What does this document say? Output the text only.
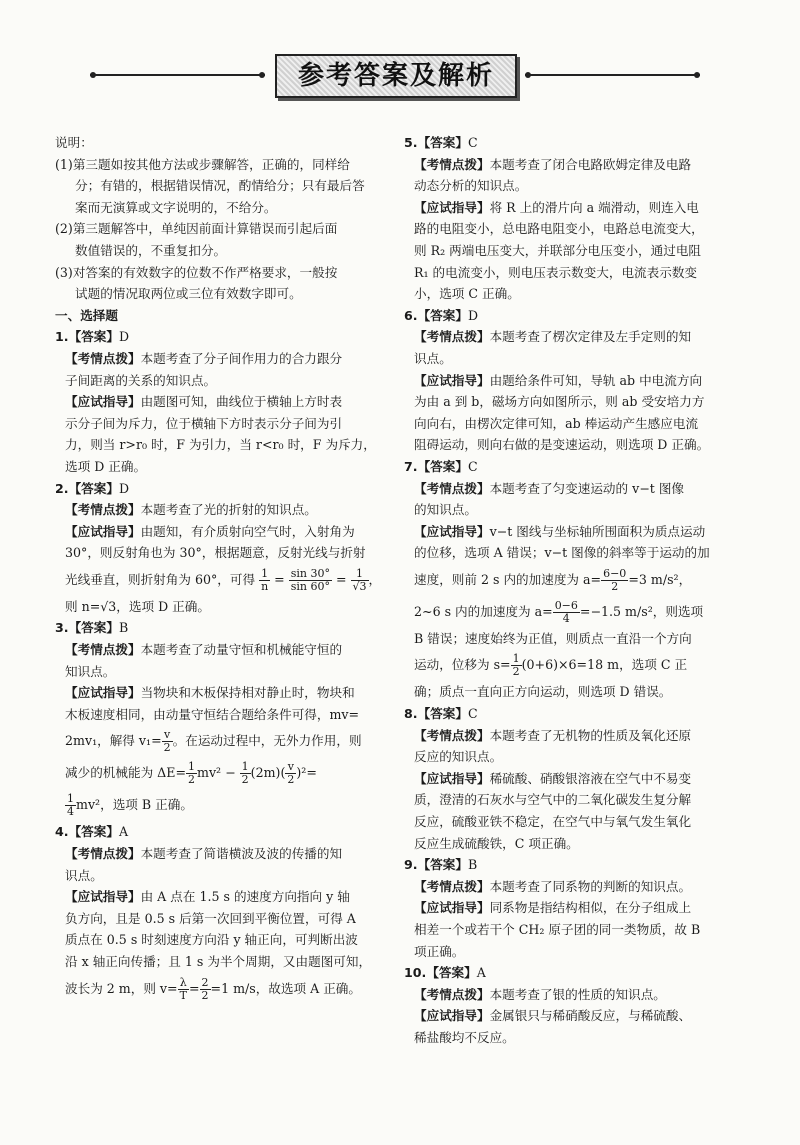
参考答案及解析
说明：
(1)第三题如按其他方法或步骤解答，正确的，同样给
分；有错的，根据错误情况，酌情给分；只有最后答
案而无演算或文字说明的，不给分。
(2)第三题解答中，单纯因前面计算错误而引起后面
数值错误的，不重复扣分。
(3)对答案的有效数字的位数不作严格要求，一般按
试题的情况取两位或三位有效数字即可。
一、选择题
1.【答案】D
【考情点拨】本题考查了分子间作用力的合力跟分
子间距离的关系的知识点。
【应试指导】由题图可知，曲线位于横轴上方时表
示分子间为斥力，位于横轴下方时表示分子间为引
力，则当 r>r₀ 时，F 为引力，当 r<r₀ 时，F 为斥力，
选项 D 正确。
2.【答案】D
【考情点拨】本题考查了光的折射的知识点。
【应试指导】由题知，有介质射向空气时，入射角为
30°，则反射角也为 30°，根据题意，反射光线与折射
光线垂直，则折射角为 60°，可得 $\frac{1}{n} = \frac{\sin 30^\circ}{\sin 60^\circ} = \frac{1}{√3}$ ，
则 n=√3，选项 D 正确。
3.【答案】B
【考情点拨】本题考查了动量守恒和机械能守恒的
知识点。
【应试指导】当物块和木板保持相对静止时，物块和
木板速度相同，由动量守恒结合题给条件可得，mv=
2mv₁，解得 $v_1= \frac{v}{2}$ 。在运动过程中，无外力作用，则
减少的机械能为 $\Delta E= \frac{1}{2} mv^2 - \frac{1}{2} (2m)( \frac{v}{2} )^2=$
$\frac{1}{4} mv^2$，选项 B 正确。
4.【答案】A
【考情点拨】本题考查了简谐横波及波的传播的知
识点。
【应试指导】由 A 点在 1.5 s 的速度方向指向 y 轴
负方向，且是 0.5 s 后第一次回到平衡位置，可得 A
质点在 0.5 s 时刻速度方向沿 y 轴正向，可判断出波
沿 x 轴正向传播；且 1 s 为半个周期，又由题图可知，
波长为 2 m，则 $v= \frac{\lambda}{T} = \frac{2}{2} =1$ m/s，故选项 A 正确。
5.【答案】C
【考情点拨】本题考查了闭合电路欧姆定律及电路
动态分析的知识点。
【应试指导】将 R 上的滑片向 a 端滑动，则连入电
路的电阻变小，总电路电阻变小，电路总电流变大，
则 R₂ 两端电压变大，并联部分电压变小，通过电阻
R₁ 的电流变小，则电压表示数变大，电流表示数变
小，选项 C 正确。
6.【答案】D
【考情点拨】本题考查了楞次定律及左手定则的知
识点。
【应试指导】由题给条件可知，导轨 ab 中电流方向
为由 a 到 b，磁场方向如图所示，则 ab 受安培力方
向向右，由楞次定律可知，ab 棒运动产生感应电流
阻碍运动，则向右做的是变速运动，则选项 D 正确。
7.【答案】C
【考情点拨】本题考查了匀变速运动的 v−t 图像
的知识点。
【应试指导】v−t 图线与坐标轴所围面积为质点运动
的位移，选项 A 错误；v−t 图像的斜率等于运动的加
速度，则前 2 s 内的加速度为 $a= \frac{6-0}{2} =3$ m/s²，
2~6 s 内的加速度为 $a= \frac{0-6}{4} =-1.5$ m/s²，则选项
B 错误；速度始终为正值，则质点一直沿一个方向
运动，位移为 $s= \frac{1}{2} (0+6)\times 6=18$ m，选项 C 正
确；质点一直向正方向运动，则选项 D 错误。
8.【答案】C
【考情点拨】本题考查了无机物的性质及氧化还原
反应的知识点。
【应试指导】稀硫酸、硝酸银溶液在空气中不易变
质，澄清的石灰水与空气中的二氧化碳发生复分解
反应，硫酸亚铁不稳定，在空气中与氧气发生氧化
反应生成硫酸铁，C 项正确。
9.【答案】B
【考情点拨】本题考查了同系物的判断的知识点。
【应试指导】同系物是指结构相似，在分子组成上
相差一个或若干个 CH₂ 原子团的同一类物质，故 B
项正确。
10.【答案】A
【考情点拨】本题考查了银的性质的知识点。
【应试指导】金属银只与稀硝酸反应，与稀硫酸、
稀盐酸均不反应。
